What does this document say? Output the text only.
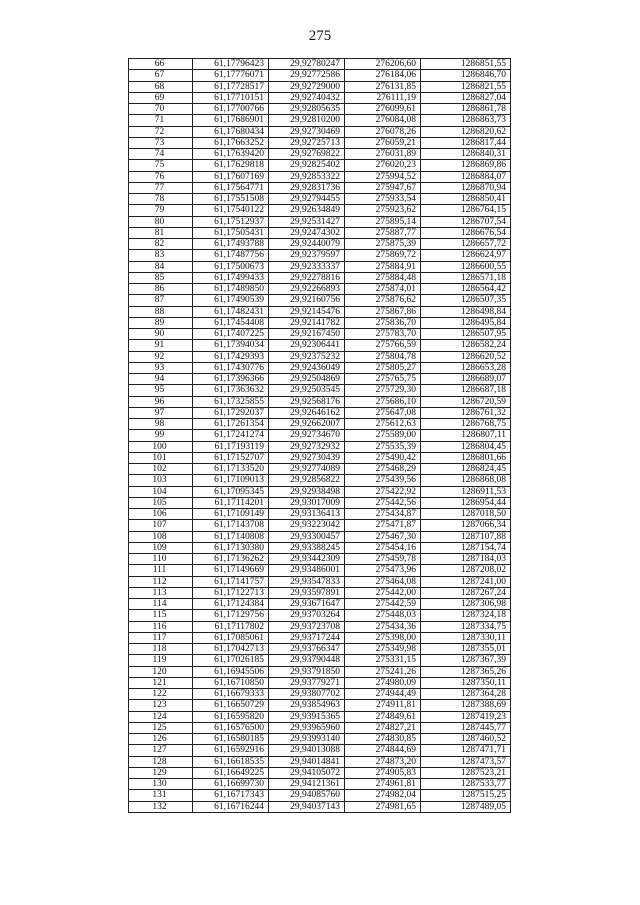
275
66	61,17796423	29,92780247	276206,60	1286851,55
67	61,17776071	29,92772586	276184,06	1286846,70
68	61,17728517	29,92729000	276131,85	1286821,55
69	61,17710151	29,92740432	276111,19	1286827,04
70	61,17700766	29,92805635	276099,61	1286861,78
71	61,17686901	29,92810200	276084,08	1286863,73
72	61,17680434	29,92730469	276078,26	1286820,62
73	61,17663252	29,92725713	276059,21	1286817,44
74	61,17639420	29,92769822	276031,89	1286840,31
75	61,17629818	29,92825402	276020,23	1286869,86
76	61,17607169	29,92853322	275994,52	1286884,07
77	61,17564771	29,92831736	275947,67	1286870,94
78	61,17551508	29,92794455	275933,54	1286850,41
79	61,17540122	29,92634849	275923,62	1286764,15
80	61,17512937	29,92531427	275895,14	1286707,54
81	61,17505431	29,92474302	275887,77	1286676,54
82	61,17493788	29,92440079	275875,39	1286657,72
83	61,17487756	29,92379597	275869,72	1286624,97
84	61,17500673	29,92333337	275884,91	1286600,55
85	61,17499433	29,92278816	275884,48	1286571,18
86	61,17489850	29,92266893	275874,01	1286564,42
87	61,17490539	29,92160756	275876,62	1286507,35
88	61,17482431	29,92145476	275867,86	1286498,84
89	61,17454408	29,92141782	275836,70	1286495,84
90	61,17407225	29,92167450	275783,70	1286507,95
91	61,17394034	29,92306441	275766,59	1286582,24
92	61,17429393	29,92375232	275804,78	1286620,52
93	61,17430776	29,92436049	275805,27	1286653,28
94	61,17396366	29,92504869	275765,75	1286689,07
95	61,17363632	29,92503545	275729,30	1286687,18
96	61,17325855	29,92568176	275686,10	1286720,59
97	61,17292037	29,92646162	275647,08	1286761,32
98	61,17261354	29,92662007	275612,63	1286768,75
99	61,17241274	29,92734670	275589,00	1286807,11
100	61,17193119	29,92732932	275535,39	1286804,45
101	61,17152707	29,92730439	275490,42	1286801,66
102	61,17133520	29,92774089	275468,29	1286824,45
103	61,17109013	29,92856822	275439,56	1286868,08
104	61,17095345	29,92938498	275422,92	1286911,53
105	61,17114201	29,93017009	275442,56	1286954,44
106	61,17109149	29,93136413	275434,87	1287018,50
107	61,17143708	29,93223042	275471,87	1287066,34
108	61,17140808	29,93300457	275467,30	1287107,88
109	61,17130380	29,93388245	275454,16	1287154,74
110	61,17136262	29,93442309	275459,78	1287184,03
111	61,17149669	29,93486001	275473,96	1287208,02
112	61,17141757	29,93547833	275464,08	1287241,00
113	61,17122713	29,93597891	275442,00	1287267,24
114	61,17124384	29,93671647	275442,59	1287306,98
115	61,17129756	29,93703264	275448,03	1287324,18
116	61,17117802	29,93723708	275434,36	1287334,75
117	61,17085061	29,93717244	275398,00	1287330,11
118	61,17042713	29,93766347	275349,98	1287355,01
119	61,17026185	29,93790448	275331,15	1287367,39
120	61,16945506	29,93791850	275241,26	1287365,26
121	61,16710850	29,93779271	274980,09	1287350,11
122	61,16679333	29,93807702	274944,49	1287364,28
123	61,16650729	29,93854963	274911,81	1287388,69
124	61,16595820	29,93915365	274849,61	1287419,23
125	61,16576500	29,93965960	274827,21	1287445,77
126	61,16580185	29,93993140	274830,85	1287460,52
127	61,16592916	29,94013088	274844,69	1287471,71
128	61,16618535	29,94014841	274873,20	1287473,57
129	61,16649225	29,94105072	274905,83	1287523,21
130	61,16699730	29,94121361	274961,81	1287533,77
131	61,16717343	29,94085760	274982,04	1287515,25
132	61,16716244	29,94037143	274981,65	1287489,05
